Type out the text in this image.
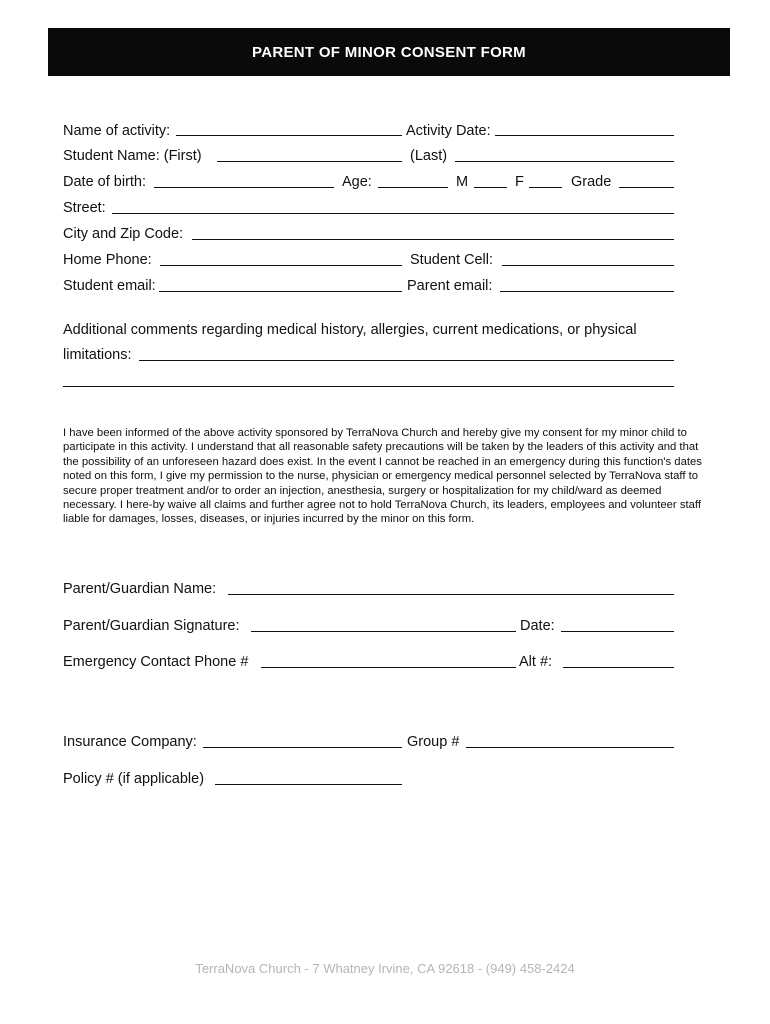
PARENT OF MINOR CONSENT FORM
Name of activity:	Activity Date:
Student Name: (First)	(Last)
Date of birth:	Age:	M	F	Grade
Street:
City and Zip Code:
Home Phone:	Student Cell:
Student email:	Parent email:
Additional comments regarding medical history, allergies, current medications, or physical
limitations:
I have been informed of the above activity sponsored by TerraNova Church and hereby give my consent for my minor child to participate in this activity. I understand that all reasonable safety precautions will be taken by the leaders of this activity and that the possibility of an unforeseen hazard does exist. In the event I cannot be reached in an emergency during this function's dates noted on this form, I give my permission to the nurse, physician or emergency medical personnel selected by TerraNova staff to secure proper treatment and/or to order an injection, anesthesia, surgery or hospitalization for my child/ward as deemed necessary. I here-by waive all claims and further agree not to hold TerraNova Church, its leaders, employees and volunteer staff liable for damages, losses, diseases, or injuries incurred by the minor on this form.
Parent/Guardian Name:
Parent/Guardian Signature:	Date:
Emergency Contact Phone #	Alt #:
Insurance Company:	Group #
Policy # (if applicable)
TerraNova Church - 7 Whatney Irvine, CA 92618 - (949) 458-2424
